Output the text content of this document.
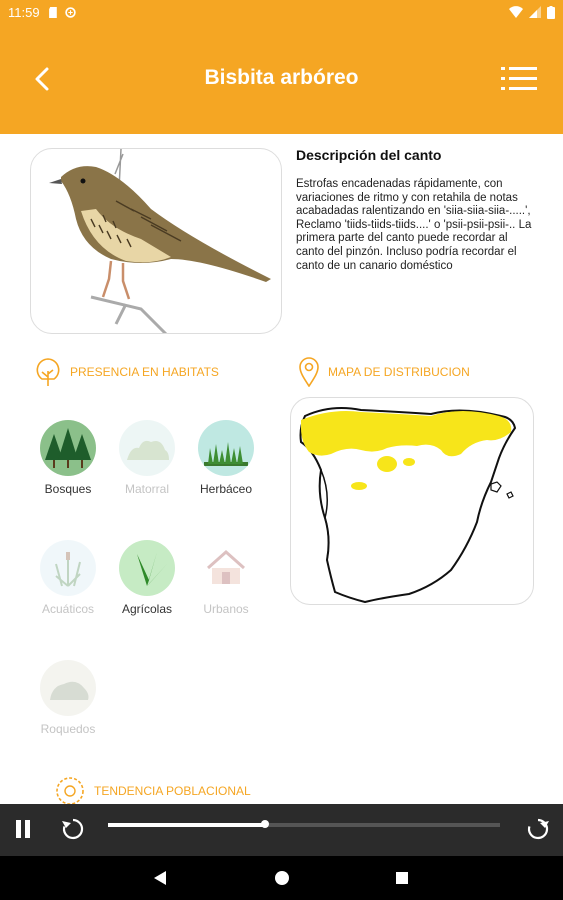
11:59
Bisbita arbóreo
Descripción del canto
Estrofas encadenadas rápidamente, con variaciones de ritmo y con retahila de notas acabadadas ralentizando en 'siia-siia-siia-.....', Reclamo 'tiids-tiids-tiids....' o 'psii-psii-psii-.. La primera parte del canto puede recordar al canto del pinzón. Incluso podría recordar el canto de un canario doméstico
PRESENCIA EN HABITATS
Bosques	Matorral	Herbáceo
Acuáticos	Agrícolas	Urbanos
Roquedos
MAPA DE DISTRIBUCION
TENDENCIA POBLACIONAL
